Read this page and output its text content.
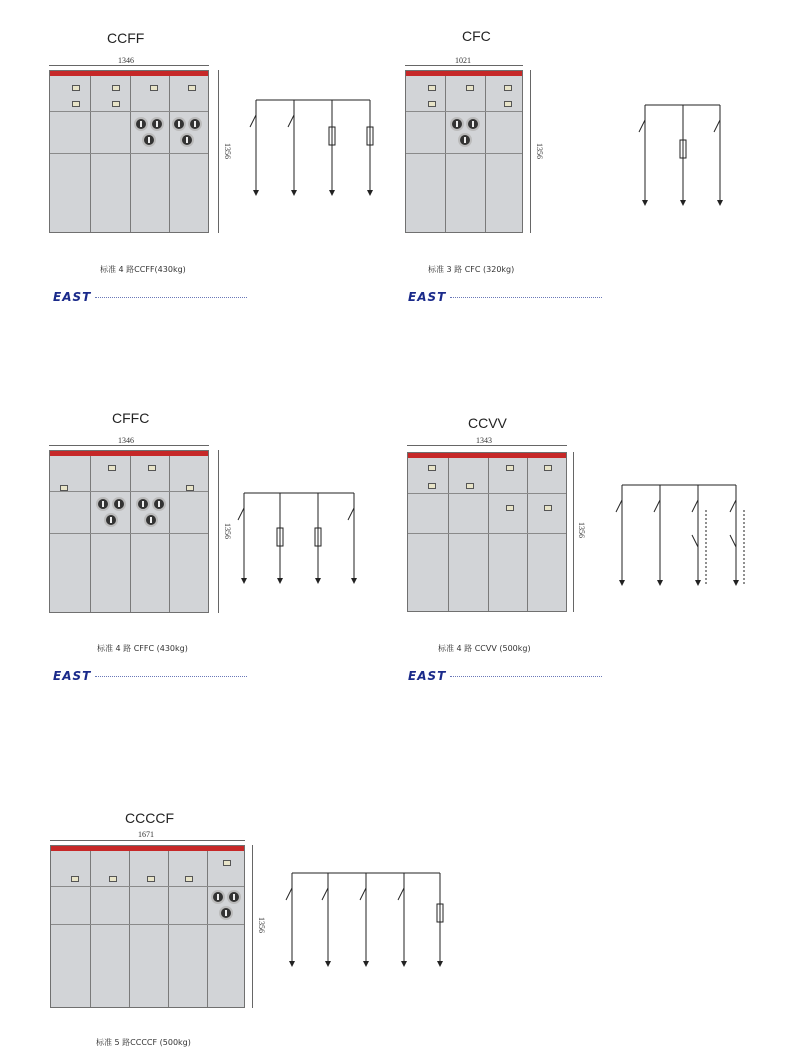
CCFF
1346
1356
标准 4 路CCFF(430kg)
EAST
CFC
1021
1356
标准 3 路 CFC (320kg)
EAST
CFFC
1346
1356
标准 4 路 CFFC (430kg)
EAST
CCVV
1343
1356
标准 4 路 CCVV (500kg)
EAST
CCCCF
1671
1356
标准 5 路CCCCF (500kg)
